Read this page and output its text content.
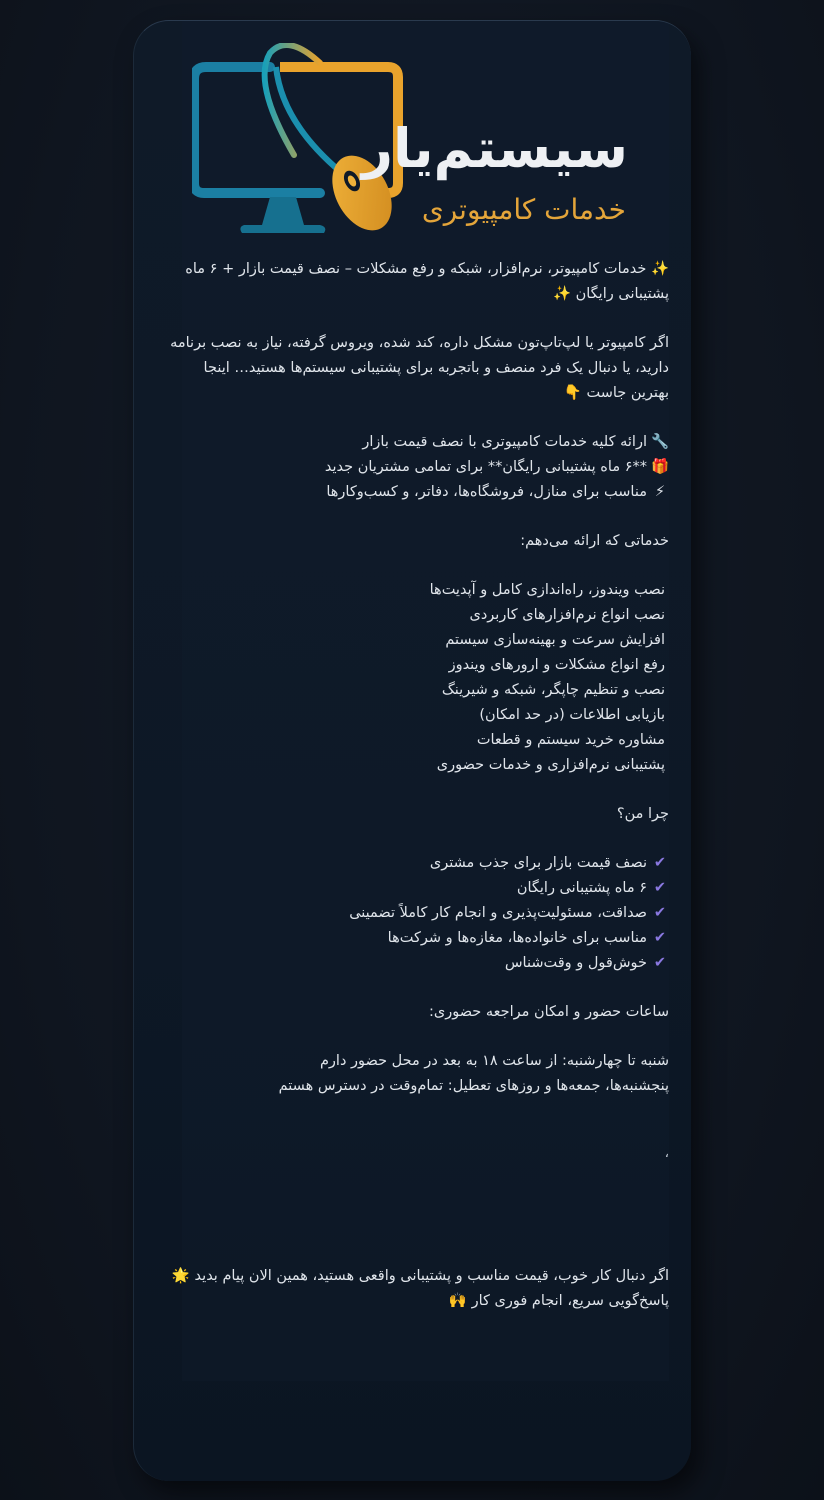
سیستم‌یار
خدمات کامپیوتری

✨ خدمات کامپیوتر، نرم‌افزار، شبکه و رفع مشکلات – نصف قیمت بازار + ۶ ماه پشتیبانی رایگان ✨

اگر کامپیوتر یا لپ‌تاپ‌تون مشکل داره، کند شده، ویروس گرفته، نیاز به نصب برنامه دارید، یا دنبال یک فرد منصف و باتجربه برای پشتیبانی سیستم‌ها هستید… اینجا بهترین جاست 👇

🔧ارائه کلیه خدمات کامپیوتری با نصف قیمت بازار
🎁**۶ ماه پشتیبانی رایگان** برای تمامی مشتریان جدید
⚡مناسب برای منازل، فروشگاه‌ها، دفاتر، و کسب‌وکارها

خدماتی که ارائه می‌دهم:

نصب ویندوز، راه‌اندازی کامل و آپدیت‌ها
نصب انواع نرم‌افزارهای کاربردی
افزایش سرعت و بهینه‌سازی سیستم
رفع انواع مشکلات و ارورهای ویندوز
نصب و تنظیم چاپگر، شبکه و شیرینگ
بازیابی اطلاعات (در حد امکان)
مشاوره خرید سیستم و قطعات
پشتیبانی نرم‌افزاری و خدمات حضوری

چرا من؟

✔نصف قیمت بازار برای جذب مشتری
✔۶ ماه پشتیبانی رایگان
✔صداقت، مسئولیت‌پذیری و انجام کار کاملاً تضمینی
✔مناسب برای خانواده‌ها، مغازه‌ها و شرکت‌ها
✔خوش‌قول و وقت‌شناس

ساعات حضور و امکان مراجعه حضوری:

شنبه تا چهارشنبه: از ساعت ۱۸ به بعد در محل حضور دارم
پنجشنبه‌ها، جمعه‌ها و روزهای تعطیل: تمام‌وقت در دسترس هستم

،

اگر دنبال کار خوب، قیمت مناسب و پشتیبانی واقعی هستید، همین الان پیام بدید 🌟
پاسخ‌گویی سریع، انجام فوری کار 🙌
